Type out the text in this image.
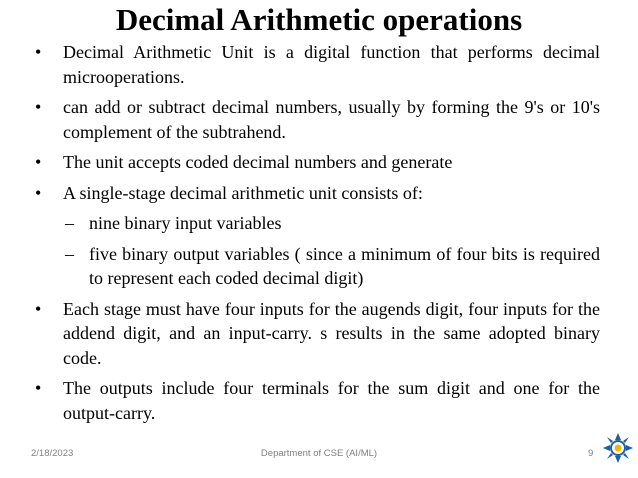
Decimal Arithmetic operations
• Decimal Arithmetic Unit is a digital function that performs decimal microoperations.
• can add or subtract decimal numbers, usually by forming the 9's or 10's complement of the subtrahend.
• The unit accepts coded decimal numbers and generate
• A single-stage decimal arithmetic unit consists of:
– nine binary input variables
– five binary output variables ( since a minimum of four bits is required to represent each coded decimal digit)
• Each stage must have four inputs for the augends digit, four inputs for the addend digit, and an input-carry. s results in the same adopted binary code.
• The outputs include four terminals for the sum digit and one for the output-carry.
2/18/2023	Department of CSE (AI/ML)	9
